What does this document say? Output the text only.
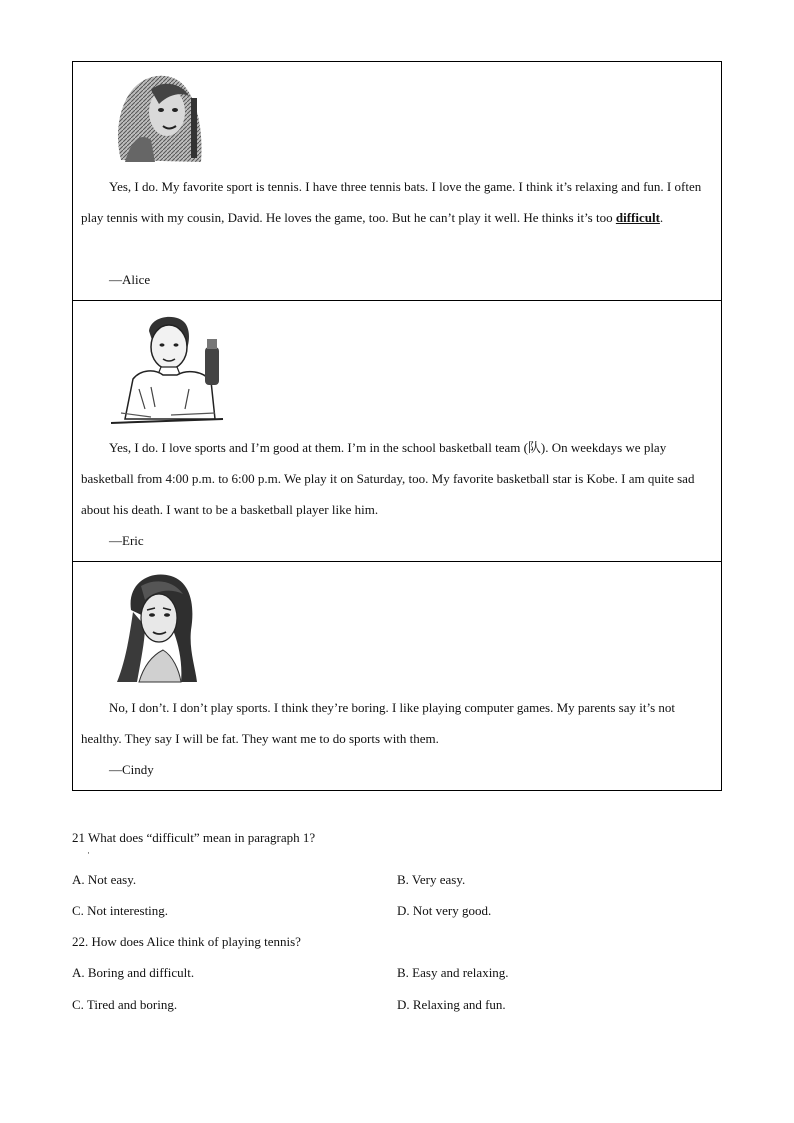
Yes, I do. My favorite sport is tennis. I have three tennis bats. I love the game. I think it’s relaxing and fun. I often play tennis with my cousin, David. He loves the game, too. But he can’t play it well. He thinks it’s too difficult.

—Alice

Yes, I do. I love sports and I’m good at them. I’m in the school basketball team (队). On weekdays we play basketball from 4:00 p.m. to 6:00 p.m. We play it on Saturday, too. My favorite basketball star is Kobe. I am quite sad about his death. I want to be a basketball player like him.

—Eric

No, I don’t. I don’t play sports. I think they’re boring. I like playing computer games. My parents say it’s not healthy. They say I will be fat. They want me to do sports with them.

—Cindy
21 What does “difficult” mean in paragraph 1?
·
A. Not easy.	B. Very easy.
C. Not interesting.	D. Not very good.
22. How does Alice think of playing tennis?
A. Boring and difficult.	B. Easy and relaxing.
C. Tired and boring.	D. Relaxing and fun.
